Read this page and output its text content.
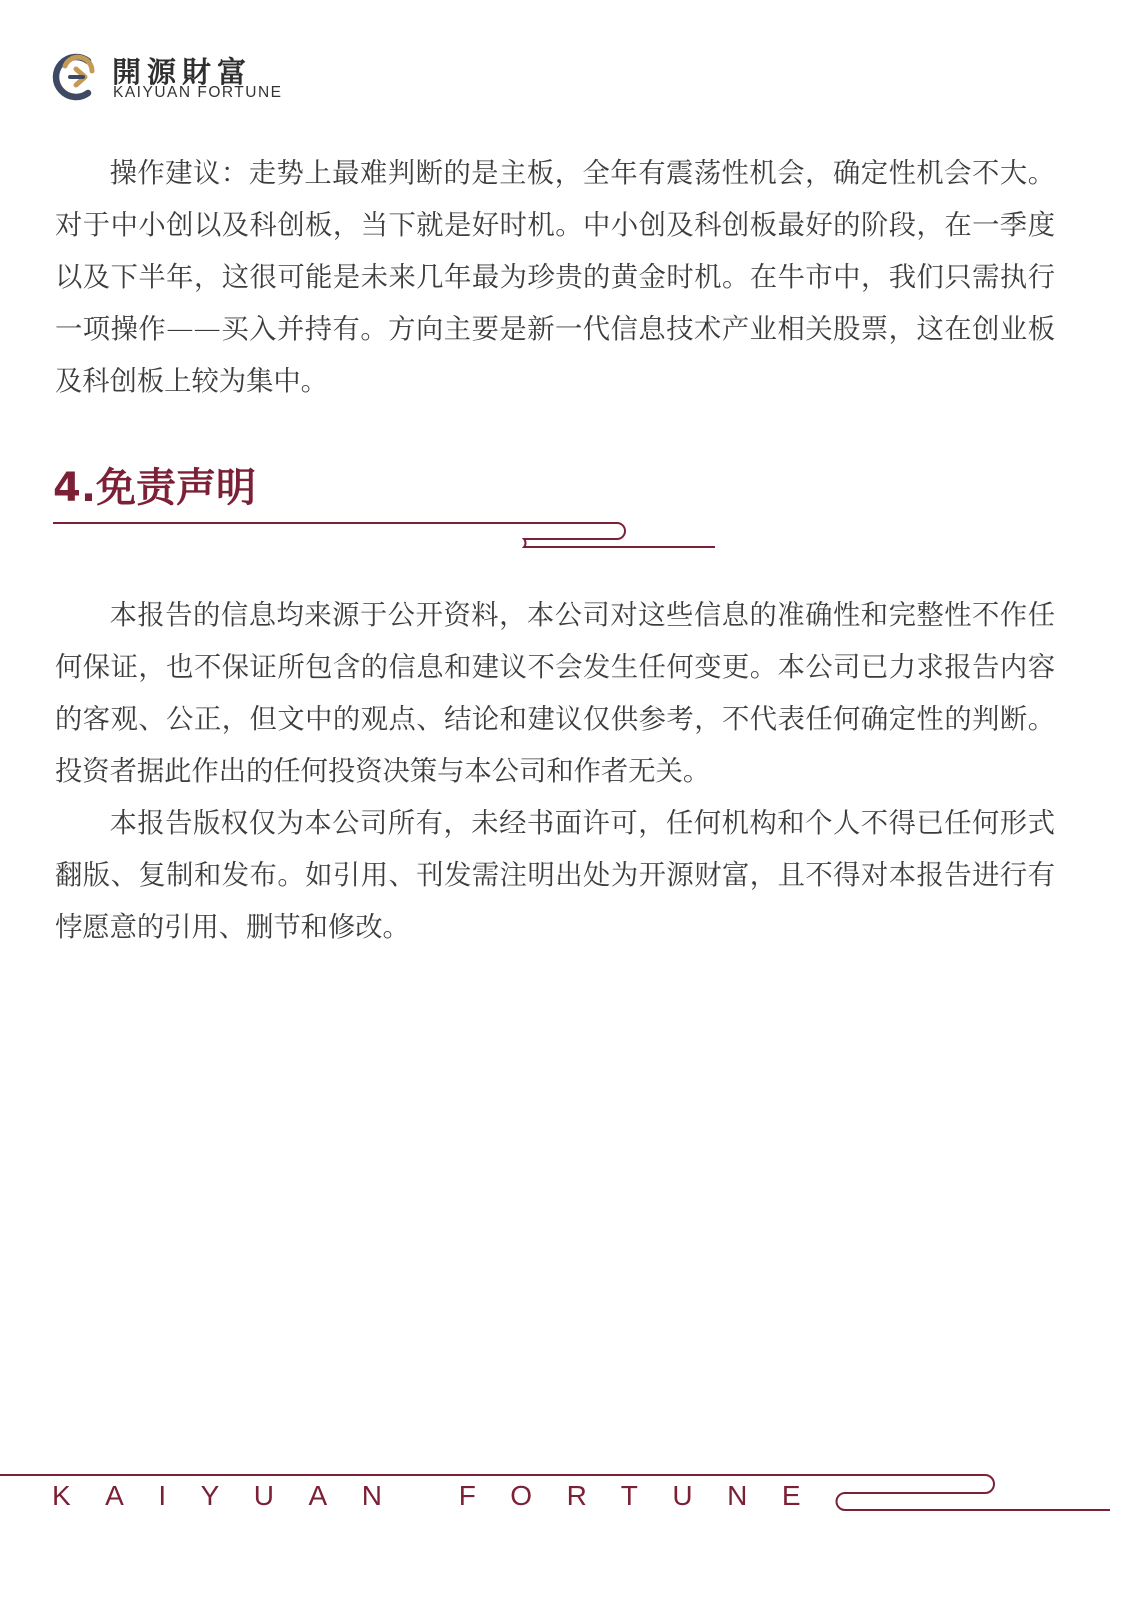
開源財富
KAIYUAN FORTUNE

操作建议：走势上最难判断的是主板，全年有震荡性机会，确定性机会不大。对于中小创以及科创板，当下就是好时机。中小创及科创板最好的阶段，在一季度以及下半年，这很可能是未来几年最为珍贵的黄金时机。在牛市中，我们只需执行一项操作——买入并持有。方向主要是新一代信息技术产业相关股票，这在创业板及科创板上较为集中。

4.免责声明

本报告的信息均来源于公开资料，本公司对这些信息的准确性和完整性不作任何保证，也不保证所包含的信息和建议不会发生任何变更。本公司已力求报告内容的客观、公正，但文中的观点、结论和建议仅供参考，不代表任何确定性的判断。投资者据此作出的任何投资决策与本公司和作者无关。

本报告版权仅为本公司所有，未经书面许可，任何机构和个人不得已任何形式翻版、复制和发布。如引用、刊发需注明出处为开源财富，且不得对本报告进行有悖愿意的引用、删节和修改。

KAIYUAN FORTUNE
